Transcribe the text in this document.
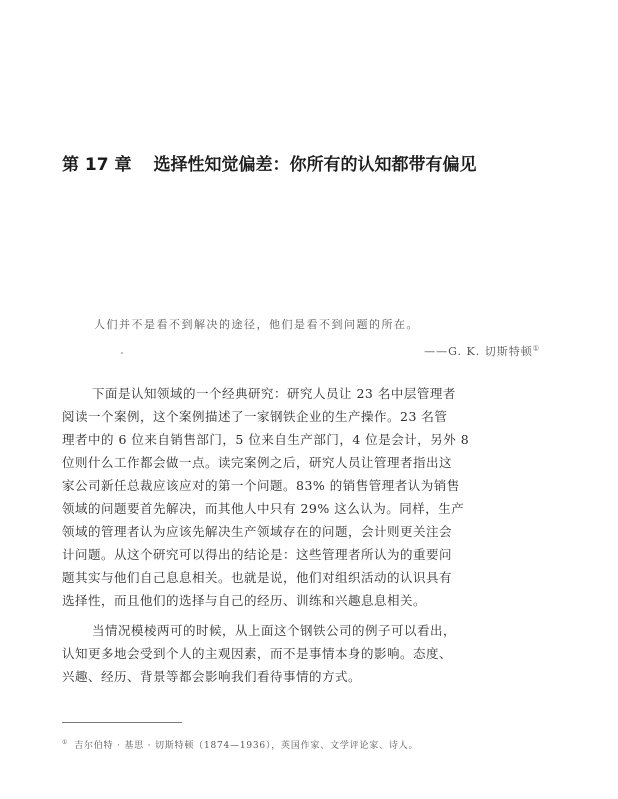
第 17 章 选择性知觉偏差：你所有的认知都带有偏见
人们并不是看不到解决的途径，他们是看不到问题的所在。
——G. K. 切斯特顿①
下面是认知领域的一个经典研究：研究人员让 23 名中层管理者
阅读一个案例，这个案例描述了一家钢铁企业的生产操作。23 名管
理者中的 6 位来自销售部门，5 位来自生产部门，4 位是会计，另外 8
位则什么工作都会做一点。读完案例之后，研究人员让管理者指出这
家公司新任总裁应该应对的第一个问题。83% 的销售管理者认为销售
领域的问题要首先解决，而其他人中只有 29% 这么认为。同样，生产
领域的管理者认为应该先解决生产领域存在的问题，会计则更关注会
计问题。从这个研究可以得出的结论是：这些管理者所认为的重要问
题其实与他们自己息息相关。也就是说，他们对组织活动的认识具有
选择性，而且他们的选择与自己的经历、训练和兴趣息息相关。
当情况模棱两可的时候，从上面这个钢铁公司的例子可以看出，
认知更多地会受到个人的主观因素，而不是事情本身的影响。态度、
兴趣、经历、背景等都会影响我们看待事情的方式。
① 吉尔伯特 · 基思 · 切斯特顿（1874—1936），英国作家、文学评论家、诗人。
